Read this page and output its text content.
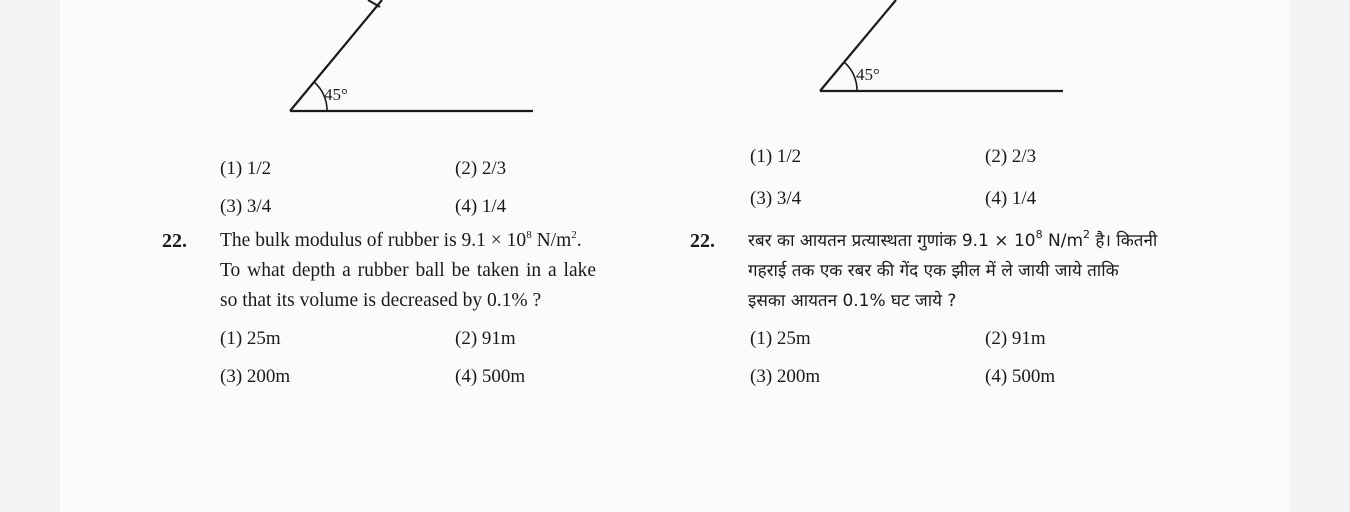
45°
45°
(1) 1/2	(2) 2/3
(3) 3/4	(4) 1/4
(1) 1/2	(2) 2/3
(3) 3/4	(4) 1/4
22. The bulk modulus of rubber is $9.1 \times 10^8$ $N/m^2$.
To what depth a rubber ball be taken in a lake
so that its volume is decreased by 0.1% ?
(1) 25m	(2) 91m
(3) 200m	(4) 500m
22. रबर का आयतन प्रत्यास्थता गुणांक $9.1 \times 10^8$ $N/m^2$ है। कितनी
गहराई तक एक रबर की गेंद एक झील में ले जायी जाये ताकि
इसका आयतन 0.1% घट जाये ?
(1) 25m	(2) 91m
(3) 200m	(4) 500m
